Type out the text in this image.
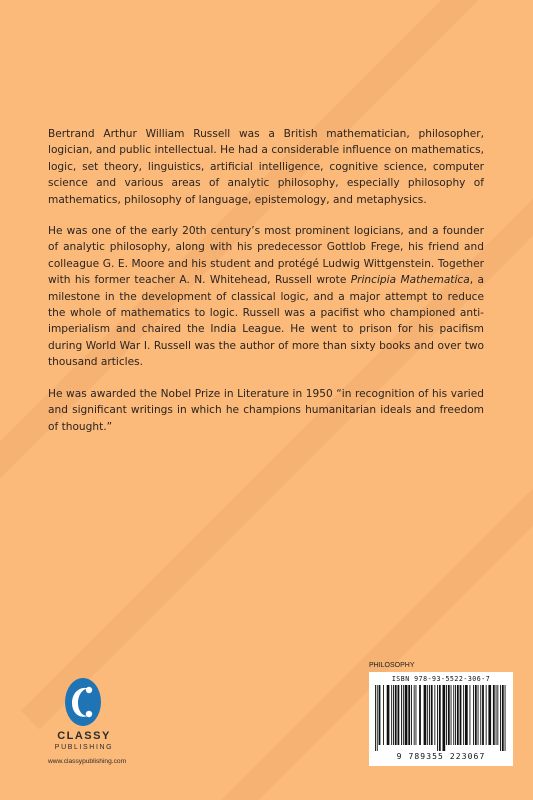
Bertrand Arthur William Russell was a British mathematician, philosopher, logician, and public intellectual. He had a considerable influence on mathematics, logic, set theory, linguistics, artificial intelligence, cognitive science, computer science and various areas of analytic philosophy, especially philosophy of mathematics, philosophy of language, epistemology, and metaphysics.

He was one of the early 20th century’s most prominent logicians, and a founder of analytic philosophy, along with his predecessor Gottlob Frege, his friend and colleague G. E. Moore and his student and protégé Ludwig Wittgenstein. Together with his former teacher A. N. Whitehead, Russell wrote Principia Mathematica, a milestone in the development of classical logic, and a major attempt to reduce the whole of mathematics to logic. Russell was a pacifist who championed anti-imperialism and chaired the India League. He went to prison for his pacifism during World War I. Russell was the author of more than sixty books and over two thousand articles.

He was awarded the Nobel Prize in Literature in 1950 “in recognition of his varied and significant writings in which he champions humanitarian ideals and freedom of thought.”

CLASSY
PUBLISHING
www.classypublishing.com
PHILOSOPHY
ISBN 978-93-5522-306-7
9 789355 223067
